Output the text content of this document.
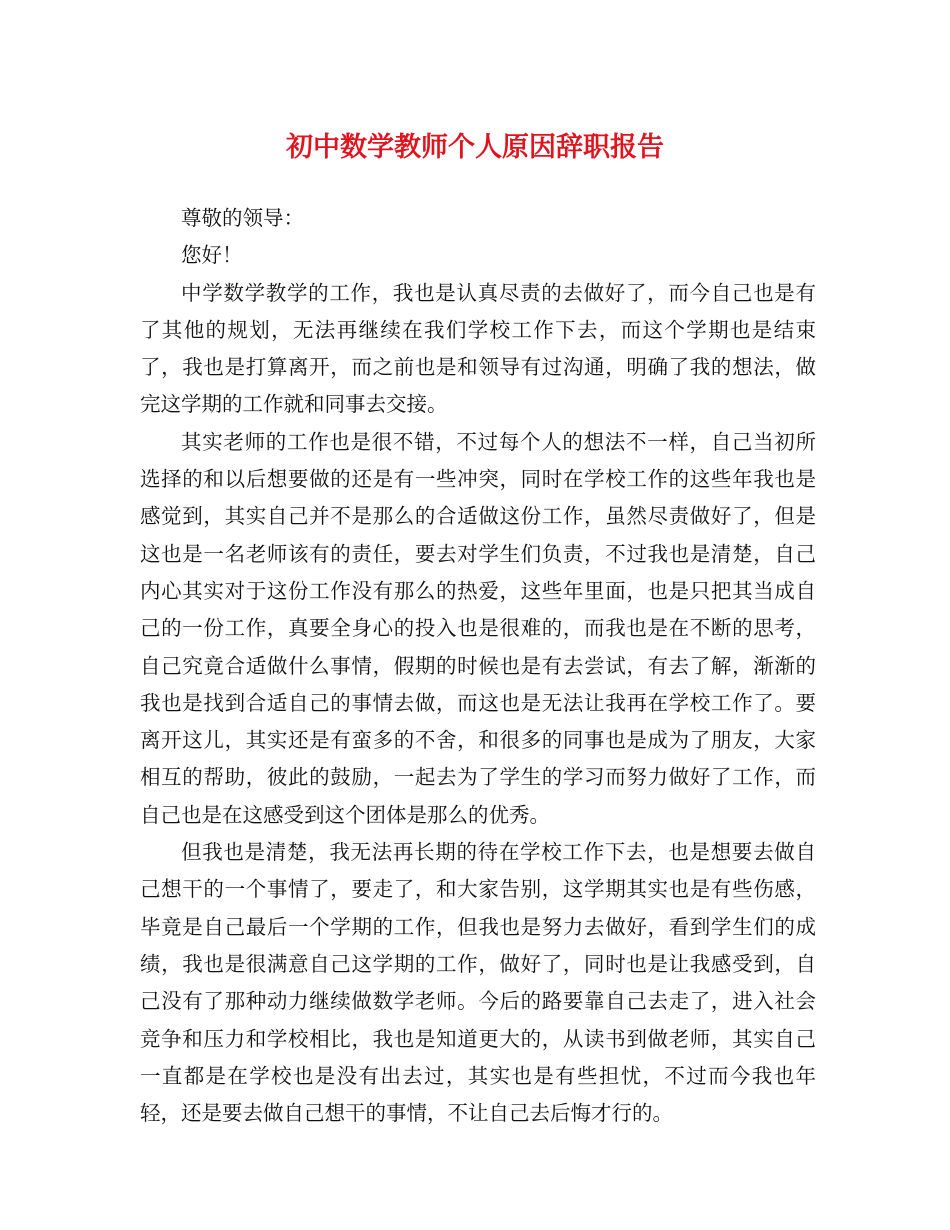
初中数学教师个人原因辞职报告

尊敬的领导：

您好！

中学数学教学的工作，我也是认真尽责的去做好了，而今自己也是有了其他的规划，无法再继续在我们学校工作下去，而这个学期也是结束了，我也是打算离开，而之前也是和领导有过沟通，明确了我的想法，做完这学期的工作就和同事去交接。

其实老师的工作也是很不错，不过每个人的想法不一样，自己当初所选择的和以后想要做的还是有一些冲突，同时在学校工作的这些年我也是感觉到，其实自己并不是那么的合适做这份工作，虽然尽责做好了，但是这也是一名老师该有的责任，要去对学生们负责，不过我也是清楚，自己内心其实对于这份工作没有那么的热爱，这些年里面，也是只把其当成自己的一份工作，真要全身心的投入也是很难的，而我也是在不断的思考，自己究竟合适做什么事情，假期的时候也是有去尝试，有去了解，渐渐的我也是找到合适自己的事情去做，而这也是无法让我再在学校工作了。要离开这儿，其实还是有蛮多的不舍，和很多的同事也是成为了朋友，大家相互的帮助，彼此的鼓励，一起去为了学生的学习而努力做好了工作，而自己也是在这感受到这个团体是那么的优秀。

但我也是清楚，我无法再长期的待在学校工作下去，也是想要去做自己想干的一个事情了，要走了，和大家告别，这学期其实也是有些伤感，毕竟是自己最后一个学期的工作，但我也是努力去做好，看到学生们的成绩，我也是很满意自己这学期的工作，做好了，同时也是让我感受到，自己没有了那种动力继续做数学老师。今后的路要靠自己去走了，进入社会竞争和压力和学校相比，我也是知道更大的，从读书到做老师，其实自己一直都是在学校也是没有出去过，其实也是有些担忧，不过而今我也年轻，还是要去做自己想干的事情，不让自己去后悔才行的。
